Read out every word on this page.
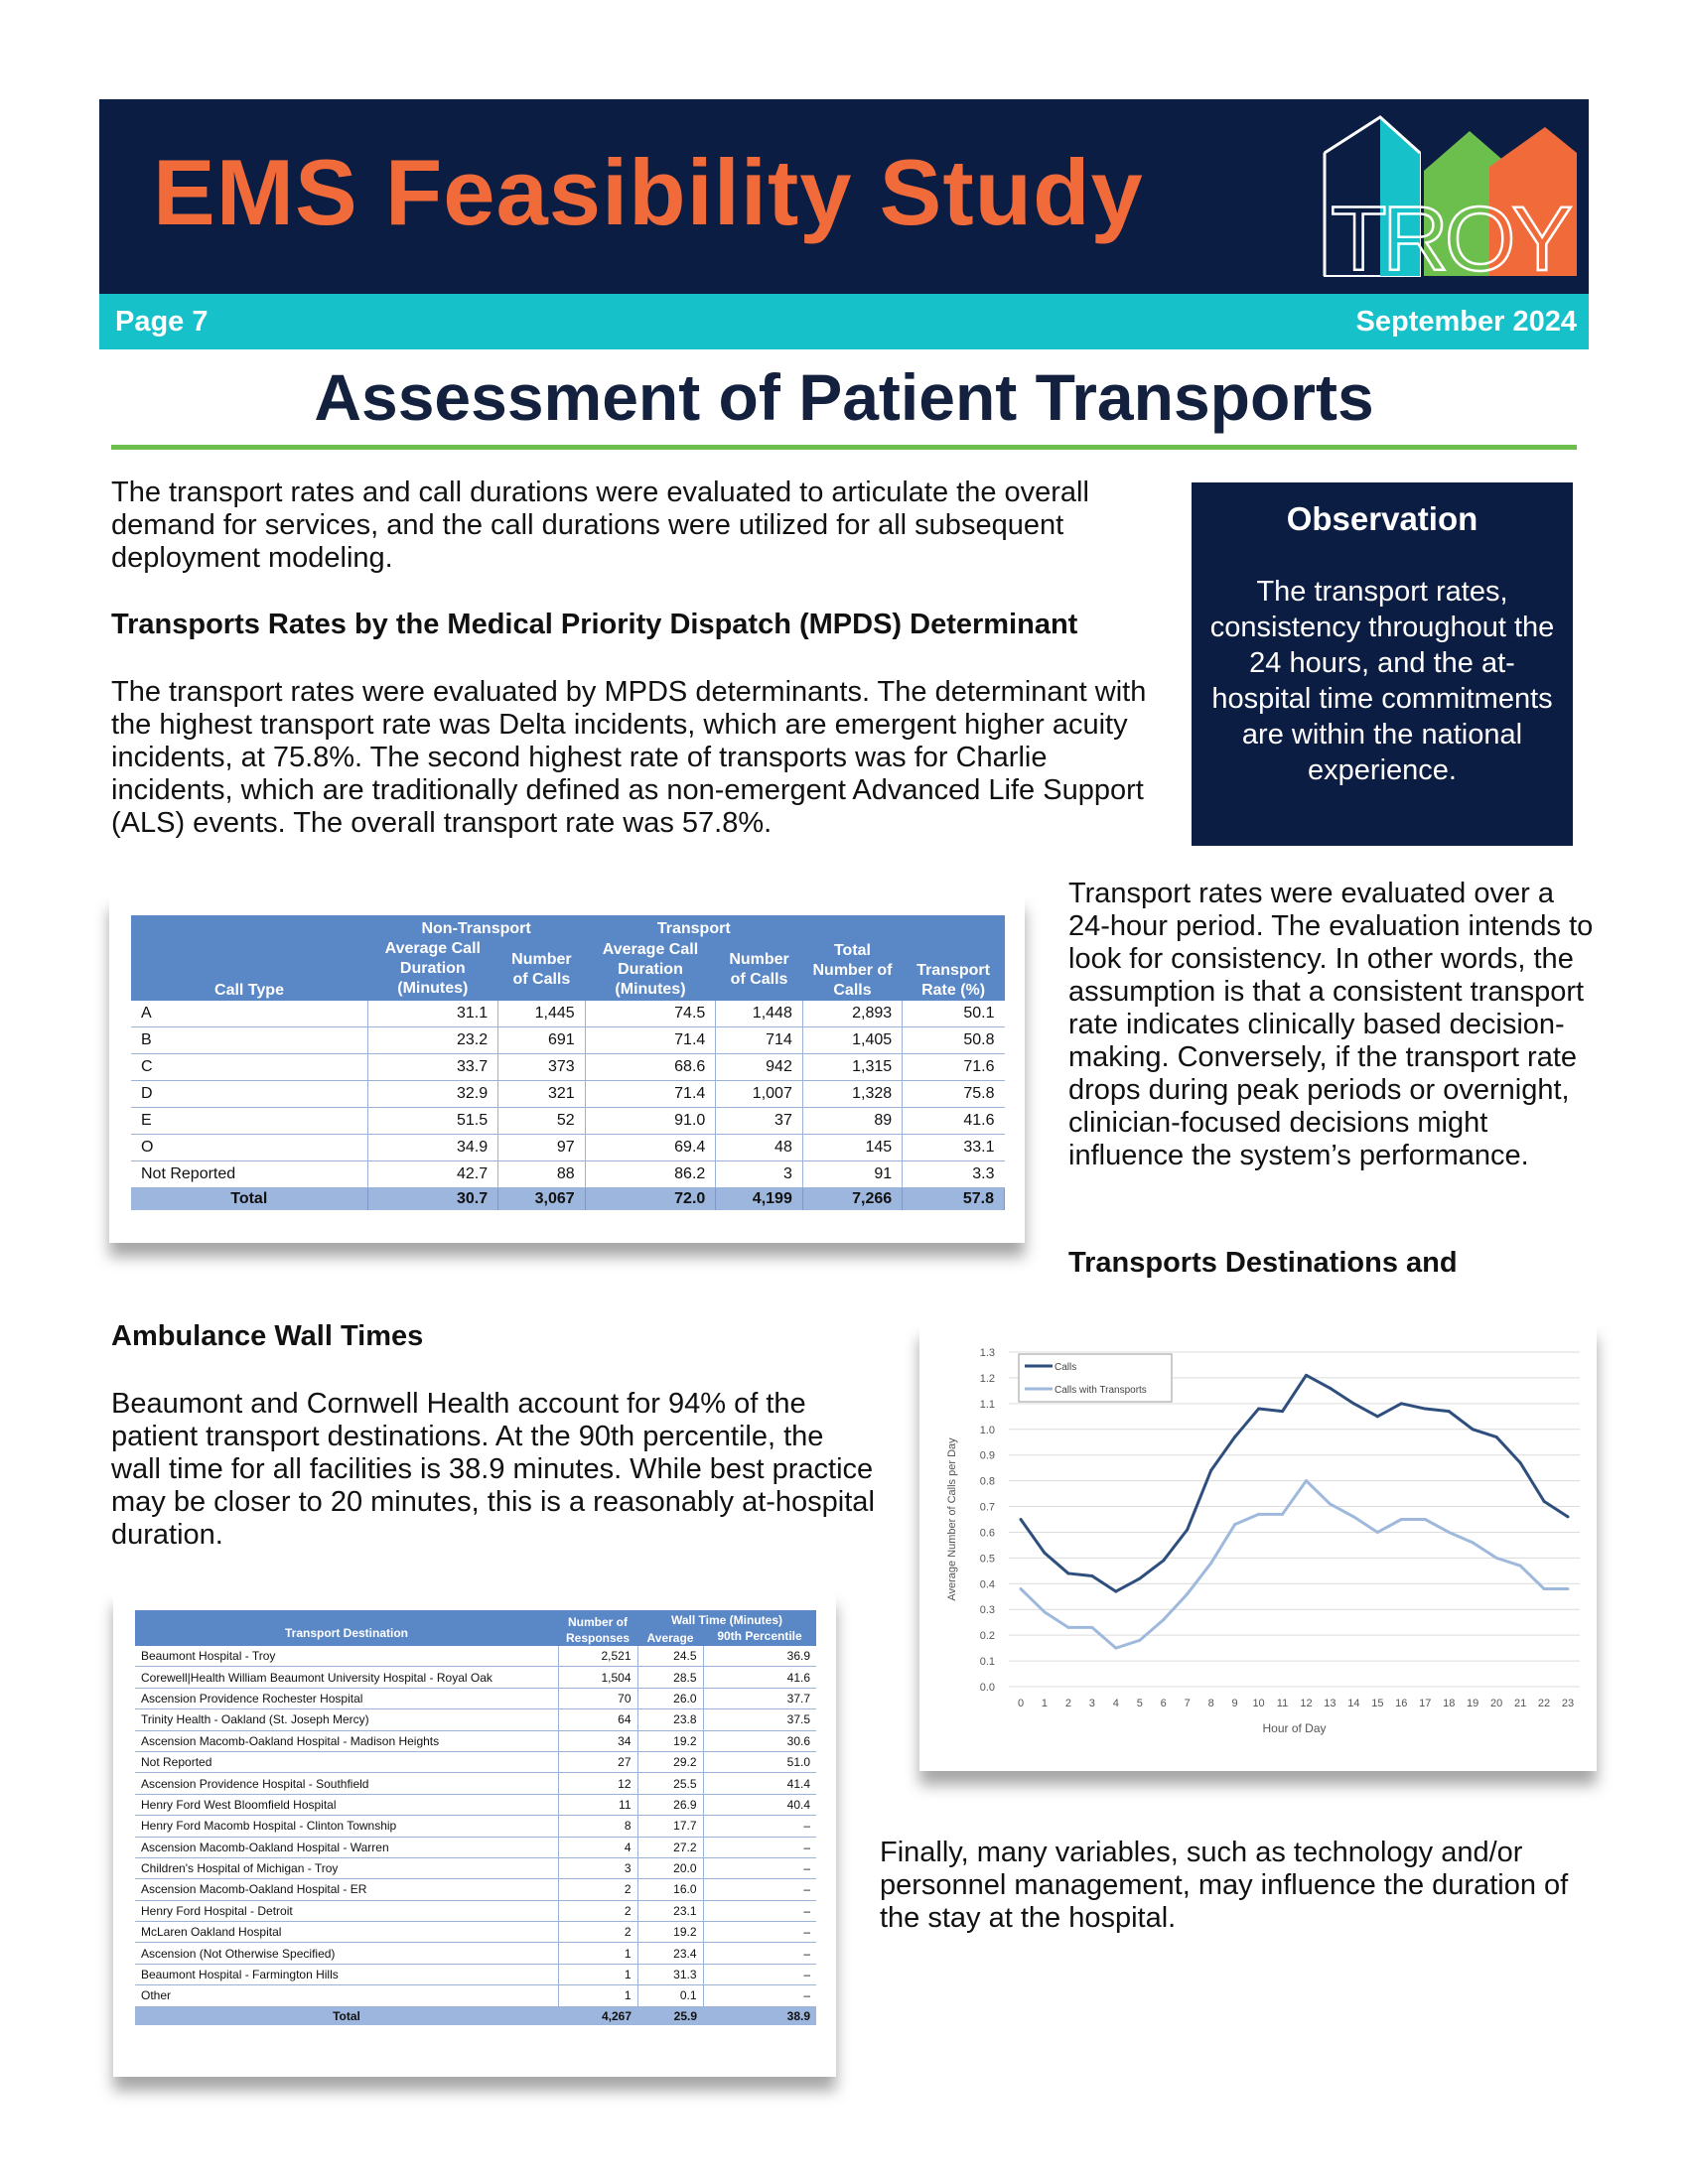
EMS Feasibility Study TROY
Page 7	September 2024
Assessment of Patient Transports
The transport rates and call durations were evaluated to articulate the overall demand for services, and the call durations were utilized for all subsequent deployment modeling.
Transports Rates by the Medical Priority Dispatch (MPDS) Determinant
The transport rates were evaluated by MPDS determinants. The determinant with the highest transport rate was Delta incidents, which are emergent higher acuity incidents, at 75.8%. The second highest rate of transports was for Charlie incidents, which are traditionally defined as non-emergent Advanced Life Support (ALS) events. The overall transport rate was 57.8%.
Observation
The transport rates, consistency throughout the 24 hours, and the at-hospital time commitments are within the national experience.
Call Type	Non-Transport		Transport		Total Number of Calls	Transport Rate (%)
	Average Call Duration (Minutes)	Number of Calls	Average Call Duration (Minutes)	Number of Calls		
A	31.1	1,445	74.5	1,448	2,893	50.1
B	23.2	691	71.4	714	1,405	50.8
C	33.7	373	68.6	942	1,315	71.6
D	32.9	321	71.4	1,007	1,328	75.8
E	51.5	52	91.0	37	89	41.6
O	34.9	97	69.4	48	145	33.1
Not Reported	42.7	88	86.2	3	91	3.3
Total	30.7	3,067	72.0	4,199	7,266	57.8
Transport rates were evaluated over a 24-hour period. The evaluation intends to look for consistency. In other words, the assumption is that a consistent transport rate indicates clinically based decision-making. Conversely, if the transport rate drops during peak periods or overnight, clinician-focused decisions might influence the system’s performance.
Transports Destinations and
Ambulance Wall Times
Beaumont and Cornwell Health account for 94% of the patient transport destinations. At the 90th percentile, the wall time for all facilities is 38.9 minutes. While best practice may be closer to 20 minutes, this is a reasonably at-hospital duration.
0.0
0.1
0.2
0.3
0.4
0.5
0.6
0.7
0.8
0.9
1.0
1.1
1.2
1.3
0 1 2 3 4 5 6 7 8 9 10 11 12 13 14 15 16 17 18 19 20 21 22 23
Hour of Day
Average Number of Calls per Day
Calls
Calls with Transports
Transport Destination	Number of Responses	Wall Time (Minutes)	
		Average	90th Percentile
Beaumont Hospital - Troy	2,521	24.5	36.9
Corewell|Health William Beaumont University Hospital - Royal Oak	1,504	28.5	41.6
Ascension Providence Rochester Hospital	70	26.0	37.7
Trinity Health - Oakland (St. Joseph Mercy)	64	23.8	37.5
Ascension Macomb-Oakland Hospital - Madison Heights	34	19.2	30.6
Not Reported	27	29.2	51.0
Ascension Providence Hospital - Southfield	12	25.5	41.4
Henry Ford West Bloomfield Hospital	11	26.9	40.4
Henry Ford Macomb Hospital - Clinton Township	8	17.7	–
Ascension Macomb-Oakland Hospital - Warren	4	27.2	–
Children's Hospital of Michigan - Troy	3	20.0	–
Ascension Macomb-Oakland Hospital - ER	2	16.0	–
Henry Ford Hospital - Detroit	2	23.1	–
McLaren Oakland Hospital	2	19.2	–
Ascension (Not Otherwise Specified)	1	23.4	–
Beaumont Hospital - Farmington Hills	1	31.3	–
Other	1	0.1	–
Total	4,267	25.9	38.9
Finally, many variables, such as technology and/or personnel management, may influence the duration of the stay at the hospital.
